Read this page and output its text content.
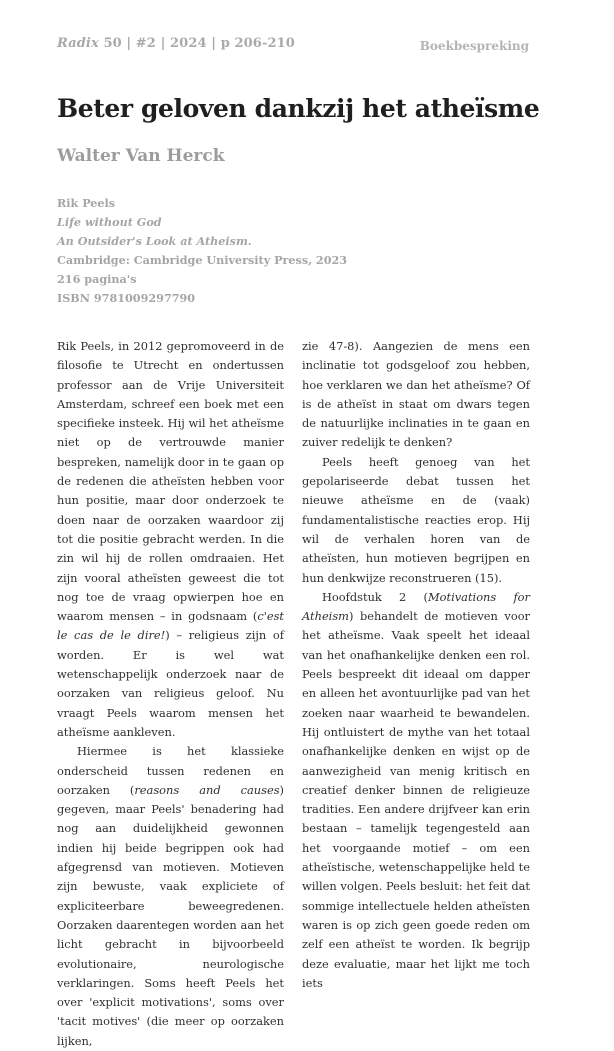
Radix 50 | #2 | 2024 | p 206-210	Boekbespreking
Beter geloven dankzij het atheïsme
Walter Van Herck
Rik Peels
Life without God
An Outsider's Look at Atheism.
Cambridge: Cambridge University Press, 2023
216 pagina's
ISBN 9781009297790

Rik Peels, in 2012 gepromoveerd in de filosofie te Utrecht en ondertussen professor aan de Vrije Universiteit Amsterdam, schreef een boek met een specifieke insteek. Hij wil het atheïsme niet op de vertrouwde manier bespreken, namelijk door in te gaan op de redenen die atheïsten hebben voor hun positie, maar door onderzoek te doen naar de oorzaken waardoor zij tot die positie gebracht werden. In die zin wil hij de rollen omdraaien. Het zijn vooral atheïsten geweest die tot nog toe de vraag opwierpen hoe en waarom mensen – in godsnaam (c'est le cas de le dire!) – religieus zijn of worden. Er is wel wat wetenschappelijk onderzoek naar de oorzaken van religieus geloof. Nu vraagt Peels waarom mensen het atheïsme aankleven.

Hiermee is het klassieke onderscheid tussen redenen en oorzaken (reasons and causes) gegeven, maar Peels' benadering had nog aan duidelijkheid gewonnen indien hij beide begrippen ook had afgegrensd van motieven. Motieven zijn bewuste, vaak expliciete of expliciteerbare beweegredenen. Oorzaken daarentegen worden aan het licht gebracht in bijvoorbeeld evolutionaire, neurologische verklaringen. Soms heeft Peels het over 'explicit motivations', soms over 'tacit motives' (die meer op oorzaken lijken,

zie 47-8). Aangezien de mens een inclinatie tot godsgeloof zou hebben, hoe verklaren we dan het atheïsme? Of is de atheïst in staat om dwars tegen de natuurlijke inclinaties in te gaan en zuiver redelijk te denken?

Peels heeft genoeg van het gepolariseerde debat tussen het nieuwe atheïsme en de (vaak) fundamentalistische reacties erop. Hij wil de verhalen horen van de atheïsten, hun motieven begrijpen en hun denkwijze reconstrueren (15).

Hoofdstuk 2 (Motivations for Atheism) behandelt de motieven voor het atheïsme. Vaak speelt het ideaal van het onafhankelijke denken een rol. Peels bespreekt dit ideaal om dapper en alleen het avontuurlijke pad van het zoeken naar waarheid te bewandelen. Hij ontluistert de mythe van het totaal onafhankelijke denken en wijst op de aanwezigheid van menig kritisch en creatief denker binnen de religieuze tradities. Een andere drijfveer kan erin bestaan – tamelijk tegengesteld aan het voorgaande motief – om een atheïstische, wetenschappelijke held te willen volgen. Peels besluit: het feit dat sommige intellectuele helden atheïsten waren is op zich geen goede reden om zelf een atheïst te worden. Ik begrijp deze evaluatie, maar het lijkt me toch iets
